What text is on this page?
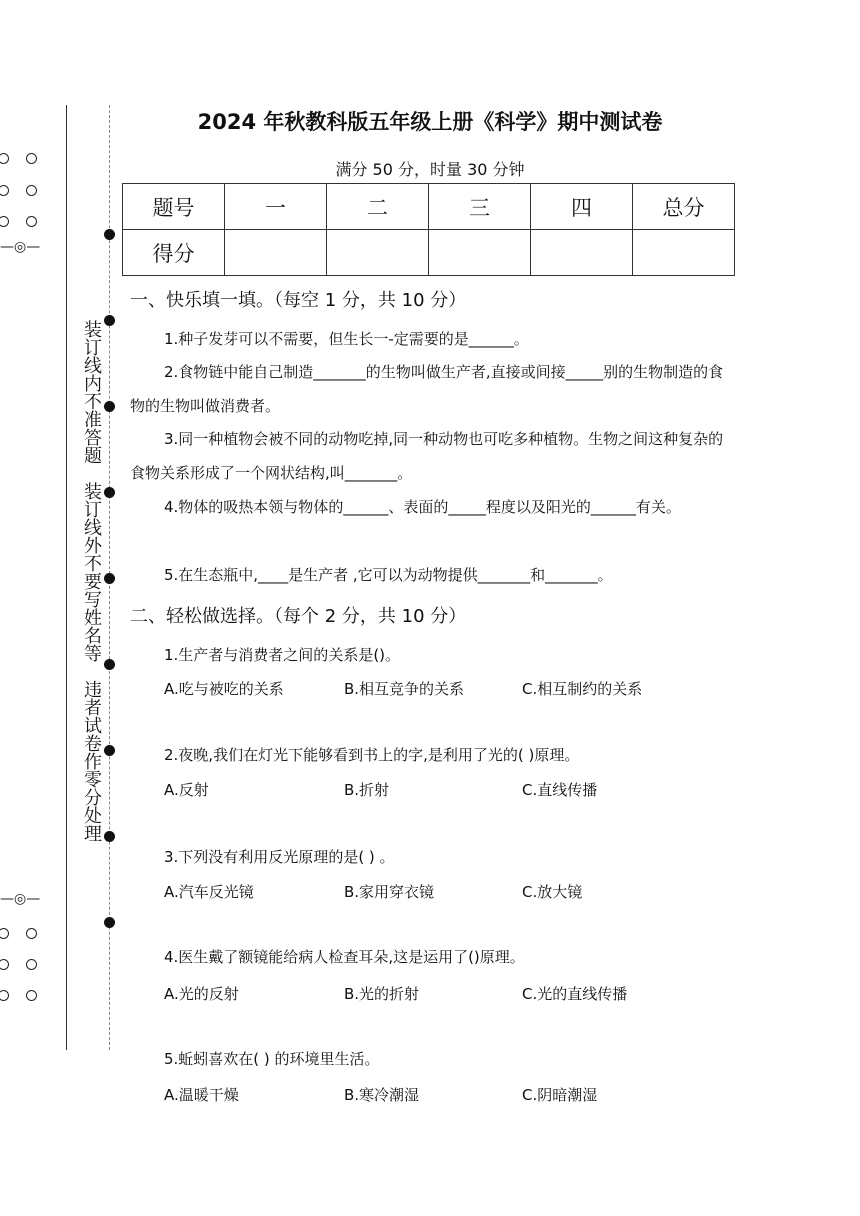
—◎—
—◎—
装订线内不准答题　装订线外不要写姓名等　违者试卷作零分处理
2024 年秋教科版五年级上册《科学》期中测试卷
满分 50 分，时量 30 分钟
题号	一	二	三	四	总分
得分					
一、快乐填一填。（每空 1 分，共 10 分）
1.种子发芽可以不需要，但生长一-定需要的是______。
2.食物链中能自己制造_______的生物叫做生产者,直接或间接_____别的生物制造的食物的生物叫做消费者。
3.同一种植物会被不同的动物吃掉,同一种动物也可吃多种植物。生物之间这种复杂的食物关系形成了一个网状结构,叫_______。
4.物体的吸热本领与物体的______、表面的_____程度以及阳光的______有关。
5.在生态瓶中,____是生产者 ,它可以为动物提供_______和_______。
二、轻松做选择。（每个 2 分，共 10 分）
1.生产者与消费者之间的关系是()。
A.吃与被吃的关系	B.相互竞争的关系	C.相互制约的关系
2.夜晚,我们在灯光下能够看到书上的字,是利用了光的( )原理。
A.反射	B.折射	C.直线传播
3.下列没有利用反光原理的是( ) 。
A.汽车反光镜	B.家用穿衣镜	C.放大镜
4.医生戴了额镜能给病人检查耳朵,这是运用了()原理。
A.光的反射	B.光的折射	C.光的直线传播
5.蚯蚓喜欢在( ) 的环境里生活。
A.温暖干燥	B.寒冷潮湿	C.阴暗潮湿
